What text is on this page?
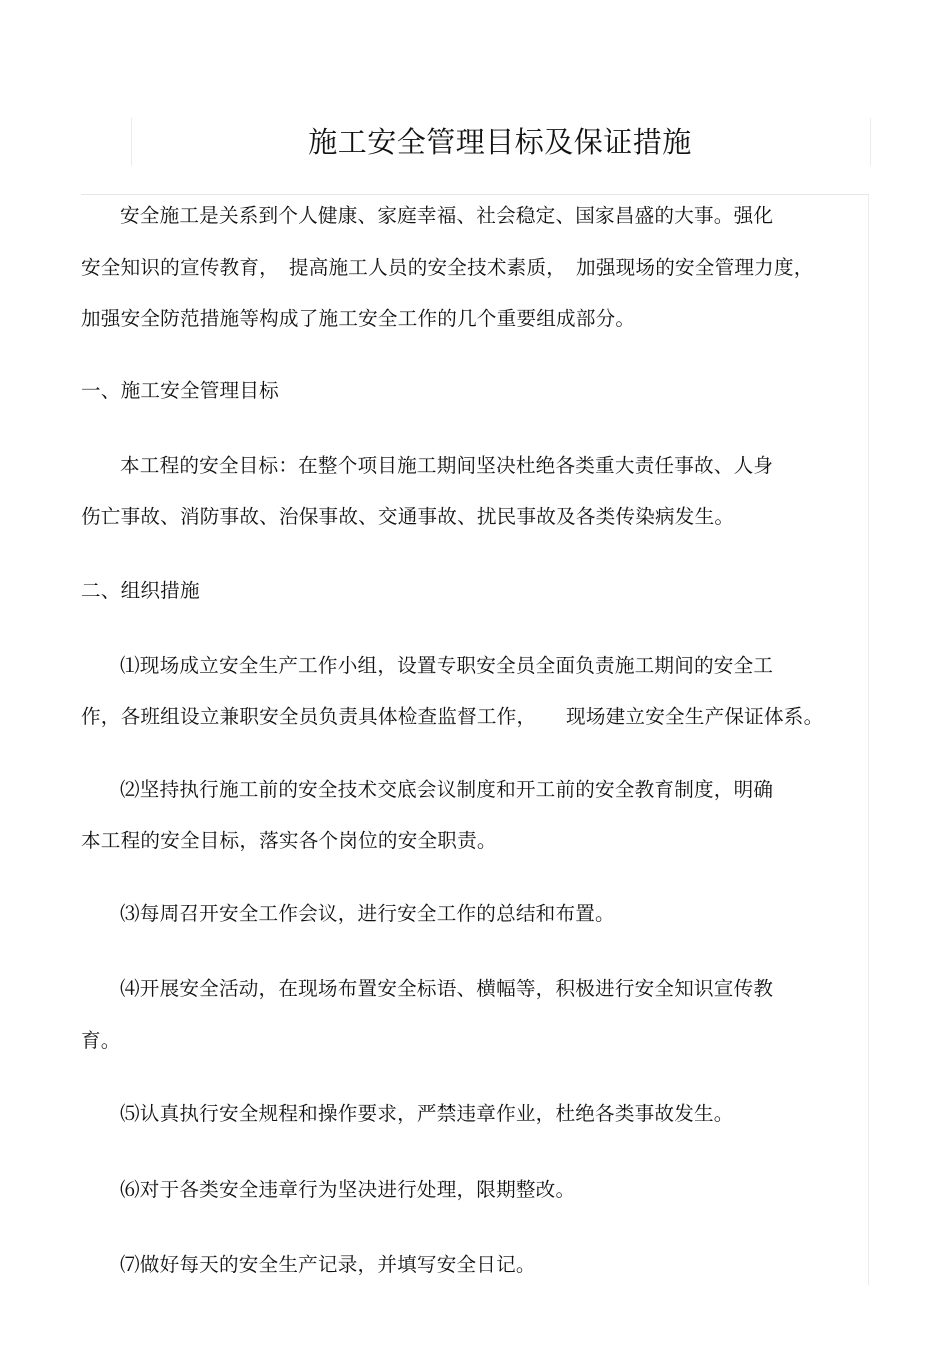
施工安全管理目标及保证措施
安全施工是关系到个人健康、家庭幸福、社会稳定、国家昌盛的大事。强化
安全知识的宣传教育，　提高施工人员的安全技术素质，　加强现场的安全管理力度，
加强安全防范措施等构成了施工安全工作的几个重要组成部分。
一、施工安全管理目标
本工程的安全目标：在整个项目施工期间坚决杜绝各类重大责任事故、人身
伤亡事故、消防事故、治保事故、交通事故、扰民事故及各类传染病发生。
二、组织措施
⑴现场成立安全生产工作小组，设置专职安全员全面负责施工期间的安全工
作，各班组设立兼职安全员负责具体检查监督工作，　　现场建立安全生产保证体系。
⑵坚持执行施工前的安全技术交底会议制度和开工前的安全教育制度，明确
本工程的安全目标，落实各个岗位的安全职责。
⑶每周召开安全工作会议，进行安全工作的总结和布置。
⑷开展安全活动，在现场布置安全标语、横幅等，积极进行安全知识宣传教
育。
⑸认真执行安全规程和操作要求，严禁违章作业，杜绝各类事故发生。
⑹对于各类安全违章行为坚决进行处理，限期整改。
⑺做好每天的安全生产记录，并填写安全日记。
